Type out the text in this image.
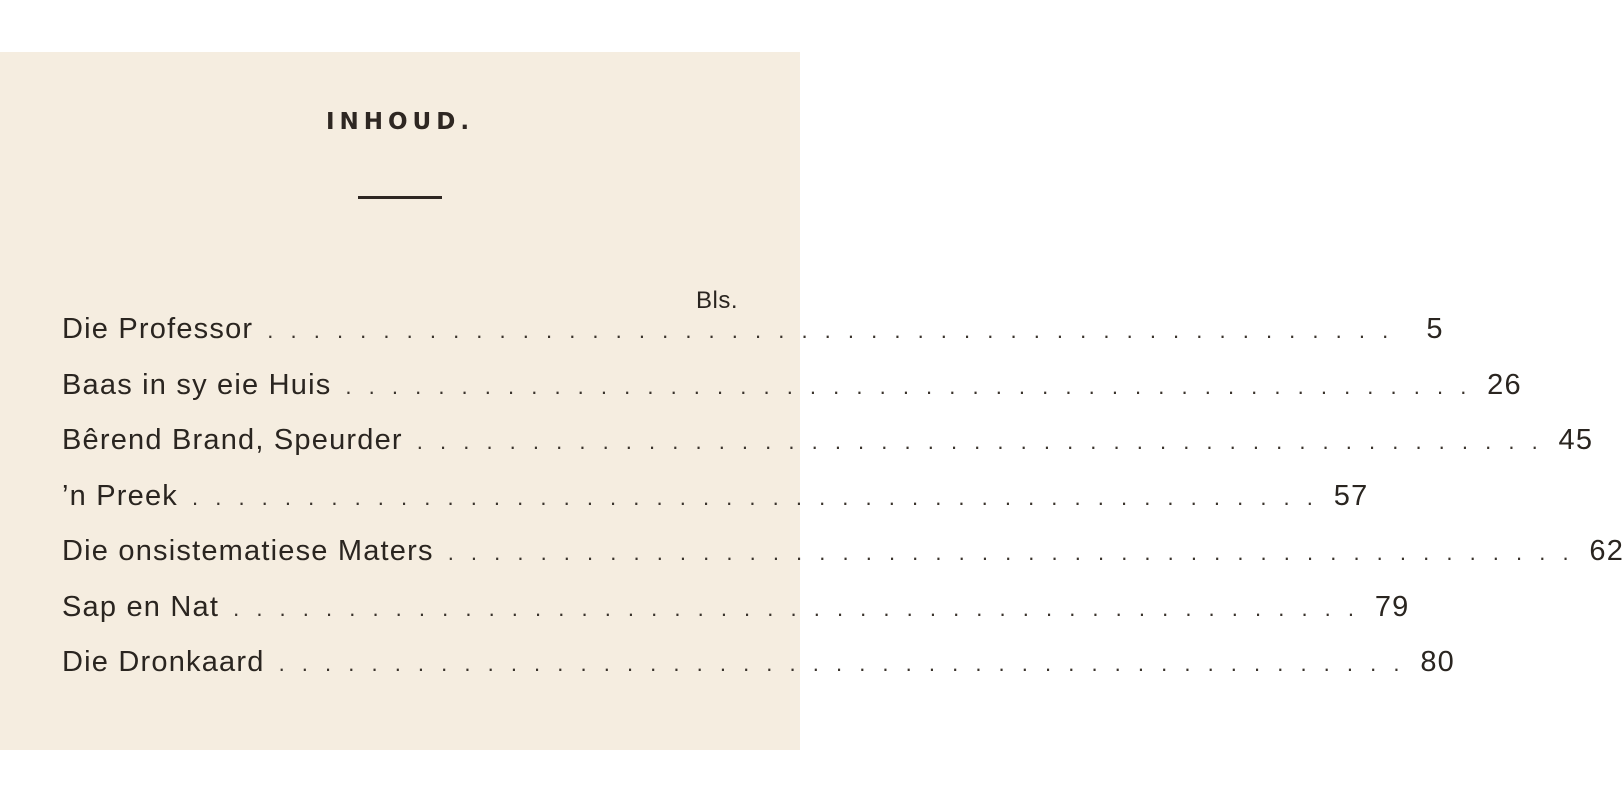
INHOUD.
Bls.
Die Professor . . . . . . . . . . . . . . . . . . . . . . . . . . . . . . . . . . . . . . . . . . . . . . . . .	5
Baas in sy eie Huis . . . . . . . . . . . . . . . . . . . . . . . . . . . . . . . . . . . . . . . . . . . . . . . . . 26
Bêrend Brand, Speurder . . . . . . . . . . . . . . . . . . . . . . . . . . . . . . . . . . . . . . . . . . . . . . . . . 45
’n Preek . . . . . . . . . . . . . . . . . . . . . . . . . . . . . . . . . . . . . . . . . . . . . . . . . 57
Die onsistematiese Maters . . . . . . . . . . . . . . . . . . . . . . . . . . . . . . . . . . . . . . . . . . . . . . . . . 62
Sap en Nat . . . . . . . . . . . . . . . . . . . . . . . . . . . . . . . . . . . . . . . . . . . . . . . . . 79
Die Dronkaard . . . . . . . . . . . . . . . . . . . . . . . . . . . . . . . . . . . . . . . . . . . . . . . . . 80
